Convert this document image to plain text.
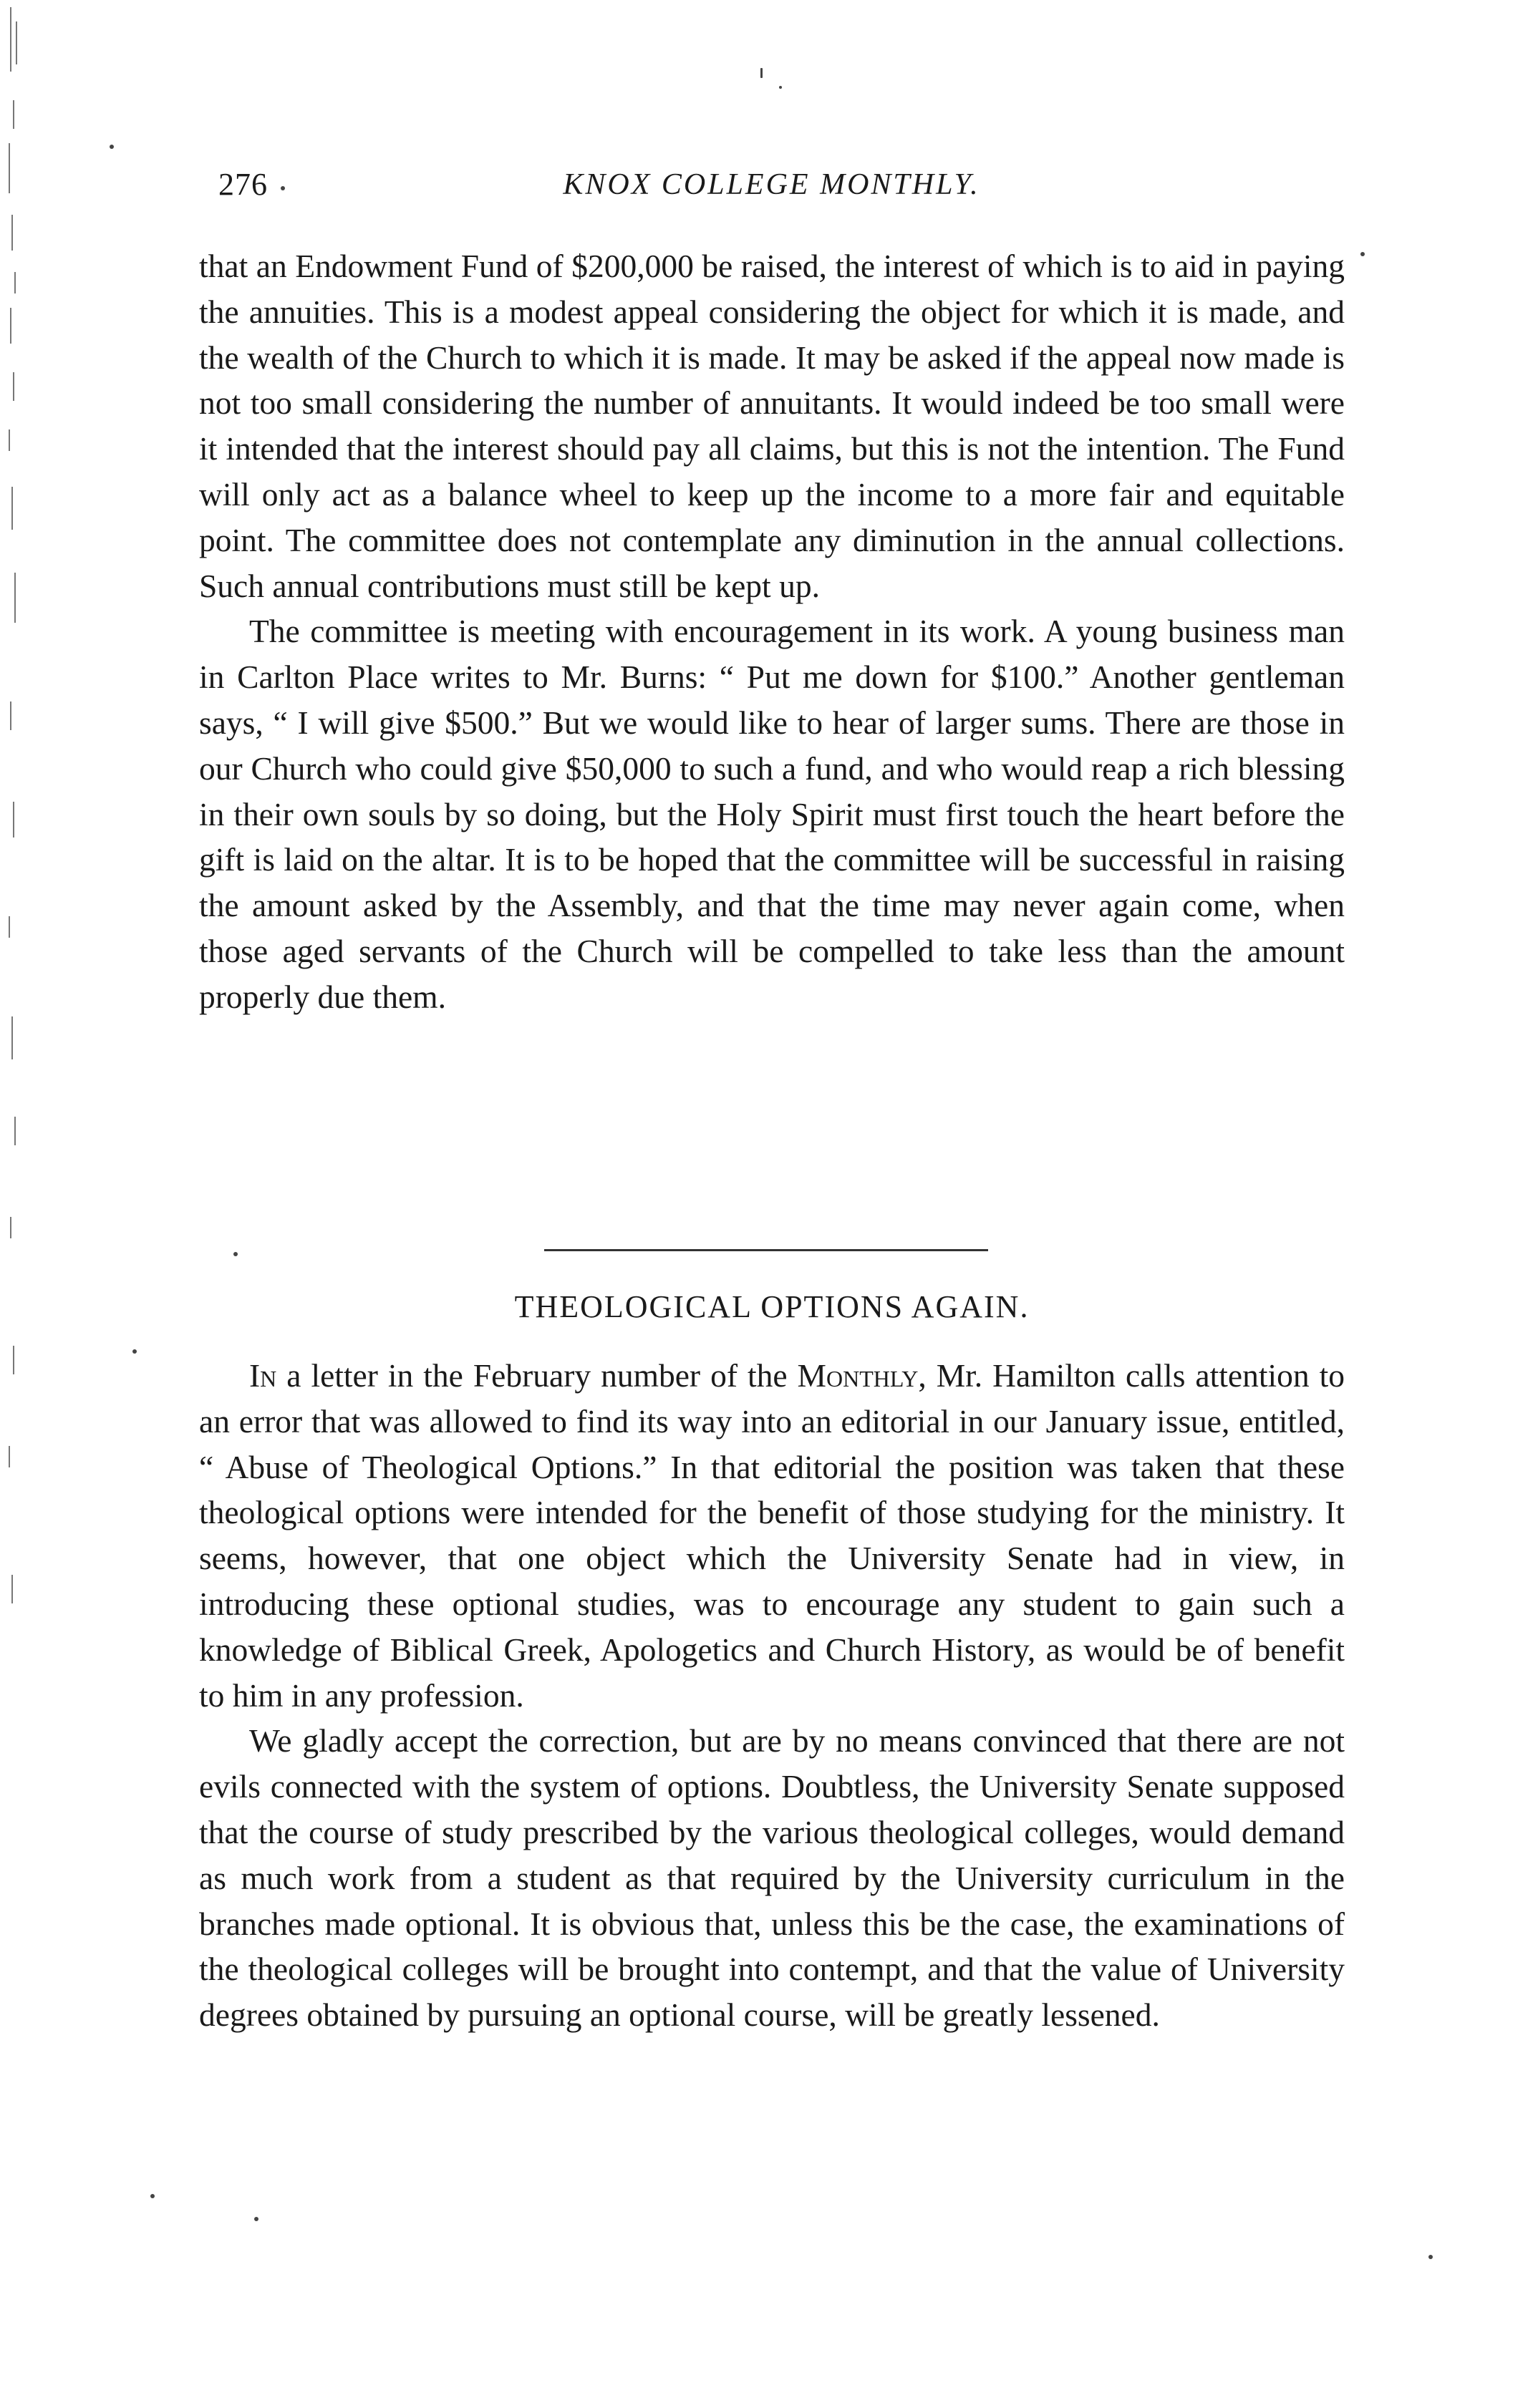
276	KNOX COLLEGE MONTHLY.

that an Endowment Fund of $200,000 be raised, the interest of which is to aid in paying the annuities. This is a modest appeal considering the object for which it is made, and the wealth of the Church to which it is made. It may be asked if the appeal now made is not too small considering the number of annuitants. It would indeed be too small were it intended that the interest should pay all claims, but this is not the intention. The Fund will only act as a balance wheel to keep up the income to a more fair and equitable point. The committee does not contemplate any diminution in the annual collections. Such annual contributions must still be kept up.

The committee is meeting with encouragement in its work. A young business man in Carlton Place writes to Mr. Burns: “ Put me down for $100.” Another gentleman says, “ I will give $500.” But we would like to hear of larger sums. There are those in our Church who could give $50,000 to such a fund, and who would reap a rich blessing in their own souls by so doing, but the Holy Spirit must first touch the heart before the gift is laid on the altar. It is to be hoped that the committee will be successful in raising the amount asked by the Assembly, and that the time may never again come, when those aged servants of the Church will be compelled to take less than the amount properly due them.

THEOLOGICAL OPTIONS AGAIN.

In a letter in the February number of the Monthly, Mr. Hamilton calls attention to an error that was allowed to find its way into an editorial in our January issue, entitled, “ Abuse of Theological Options.” In that editorial the position was taken that these theological options were intended for the benefit of those studying for the ministry. It seems, however, that one object which the University Senate had in view, in introducing these optional studies, was to encourage any student to gain such a knowledge of Biblical Greek, Apologetics and Church History, as would be of benefit to him in any profession.

We gladly accept the correction, but are by no means convinced that there are not evils connected with the system of options. Doubtless, the University Senate supposed that the course of study prescribed by the various theological colleges, would demand as much work from a student as that required by the University curriculum in the branches made optional. It is obvious that, unless this be the case, the examinations of the theological colleges will be brought into contempt, and that the value of University degrees obtained by pursuing an optional course, will be greatly lessened.
